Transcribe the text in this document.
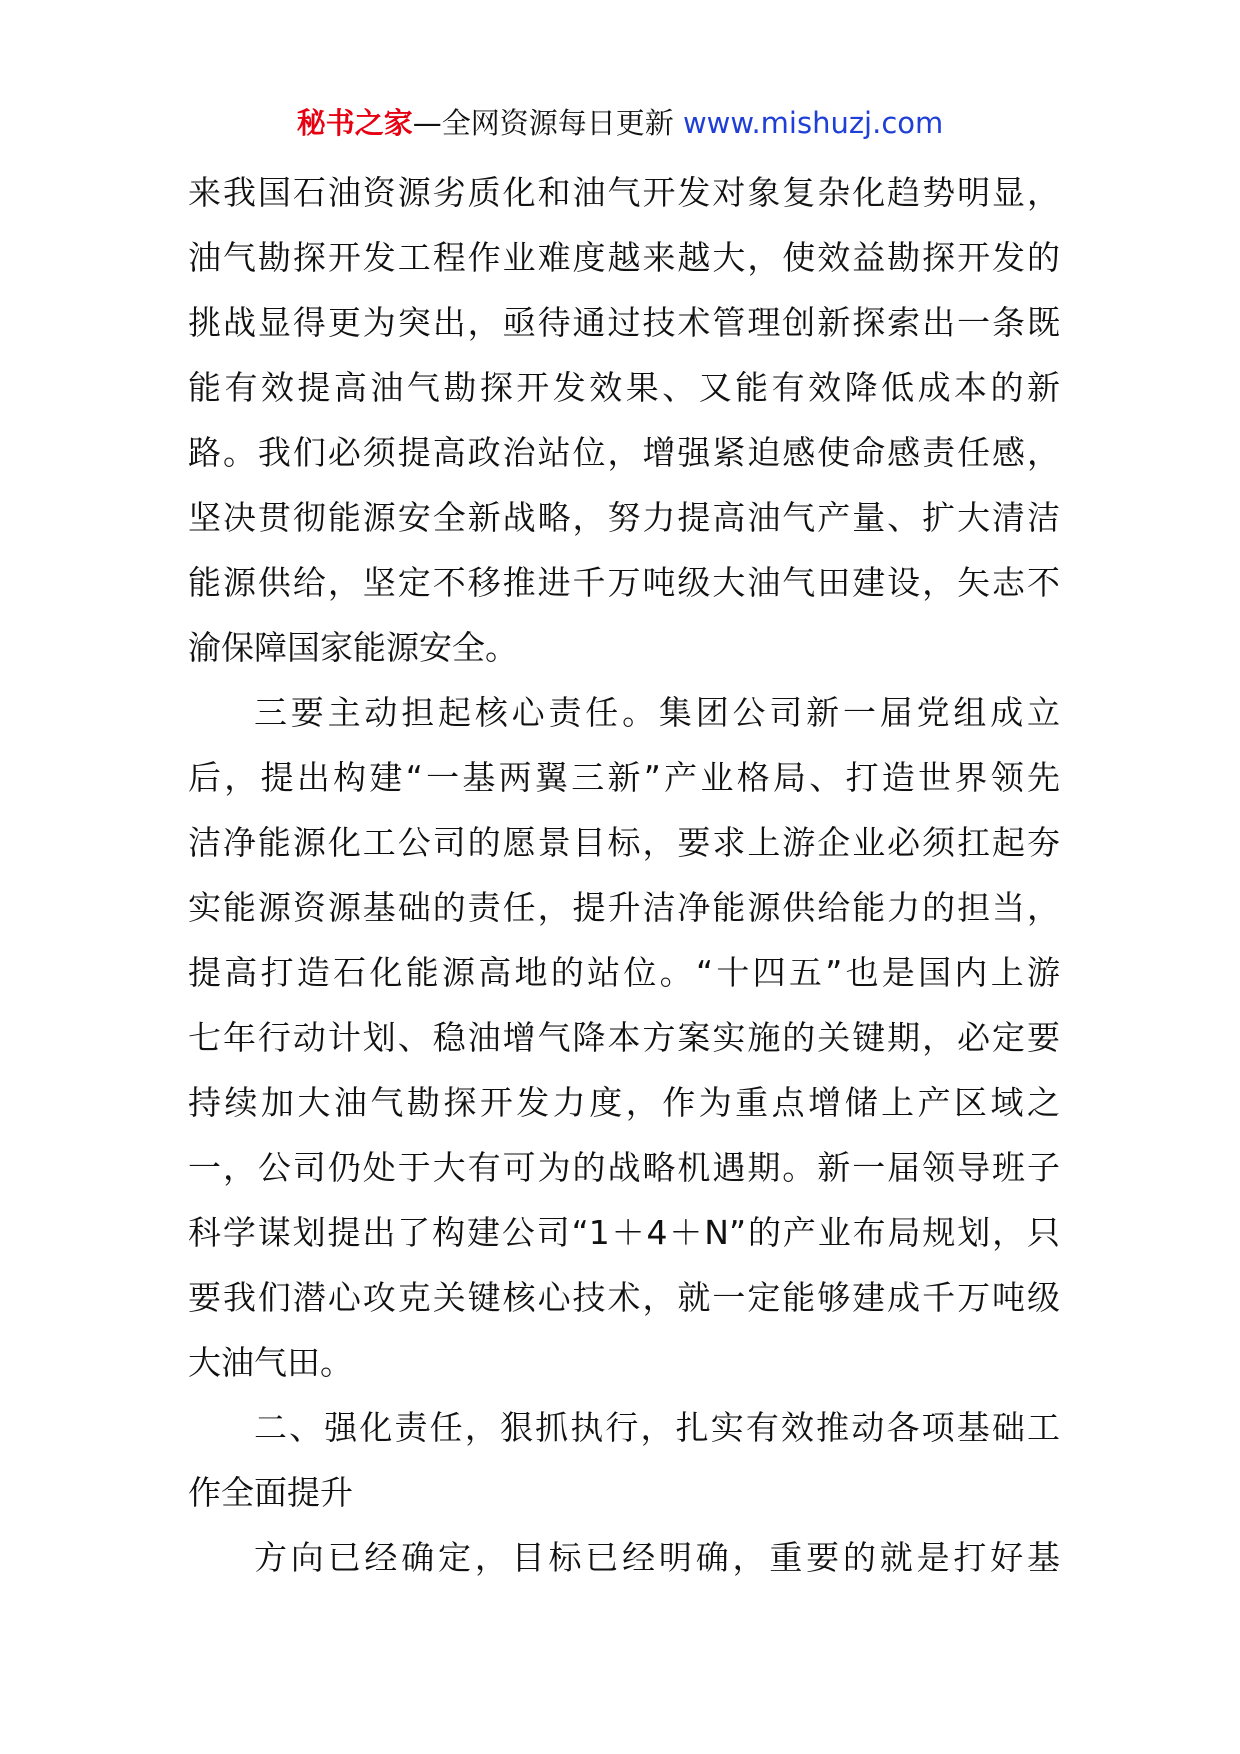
秘书之家—全网资源每日更新 www.mishuzj.com
来我国石油资源劣质化和油气开发对象复杂化趋势明显，
油气勘探开发工程作业难度越来越大，使效益勘探开发的
挑战显得更为突出，亟待通过技术管理创新探索出一条既
能有效提高油气勘探开发效果、又能有效降低成本的新
路。我们必须提高政治站位，增强紧迫感使命感责任感，
坚决贯彻能源安全新战略，努力提高油气产量、扩大清洁
能源供给，坚定不移推进千万吨级大油气田建设，矢志不
渝保障国家能源安全。
三要主动担起核心责任。集团公司新一届党组成立
后，提出构建“一基两翼三新”产业格局、打造世界领先
洁净能源化工公司的愿景目标，要求上游企业必须扛起夯
实能源资源基础的责任，提升洁净能源供给能力的担当，
提高打造石化能源高地的站位。“十四五”也是国内上游
七年行动计划、稳油增气降本方案实施的关键期，必定要
持续加大油气勘探开发力度，作为重点增储上产区域之
一，公司仍处于大有可为的战略机遇期。新一届领导班子
科学谋划提出了构建公司“1＋4＋N”的产业布局规划，只
要我们潜心攻克关键核心技术，就一定能够建成千万吨级
大油气田。
二、强化责任，狠抓执行，扎实有效推动各项基础工
作全面提升
方向已经确定，目标已经明确，重要的就是打好基
